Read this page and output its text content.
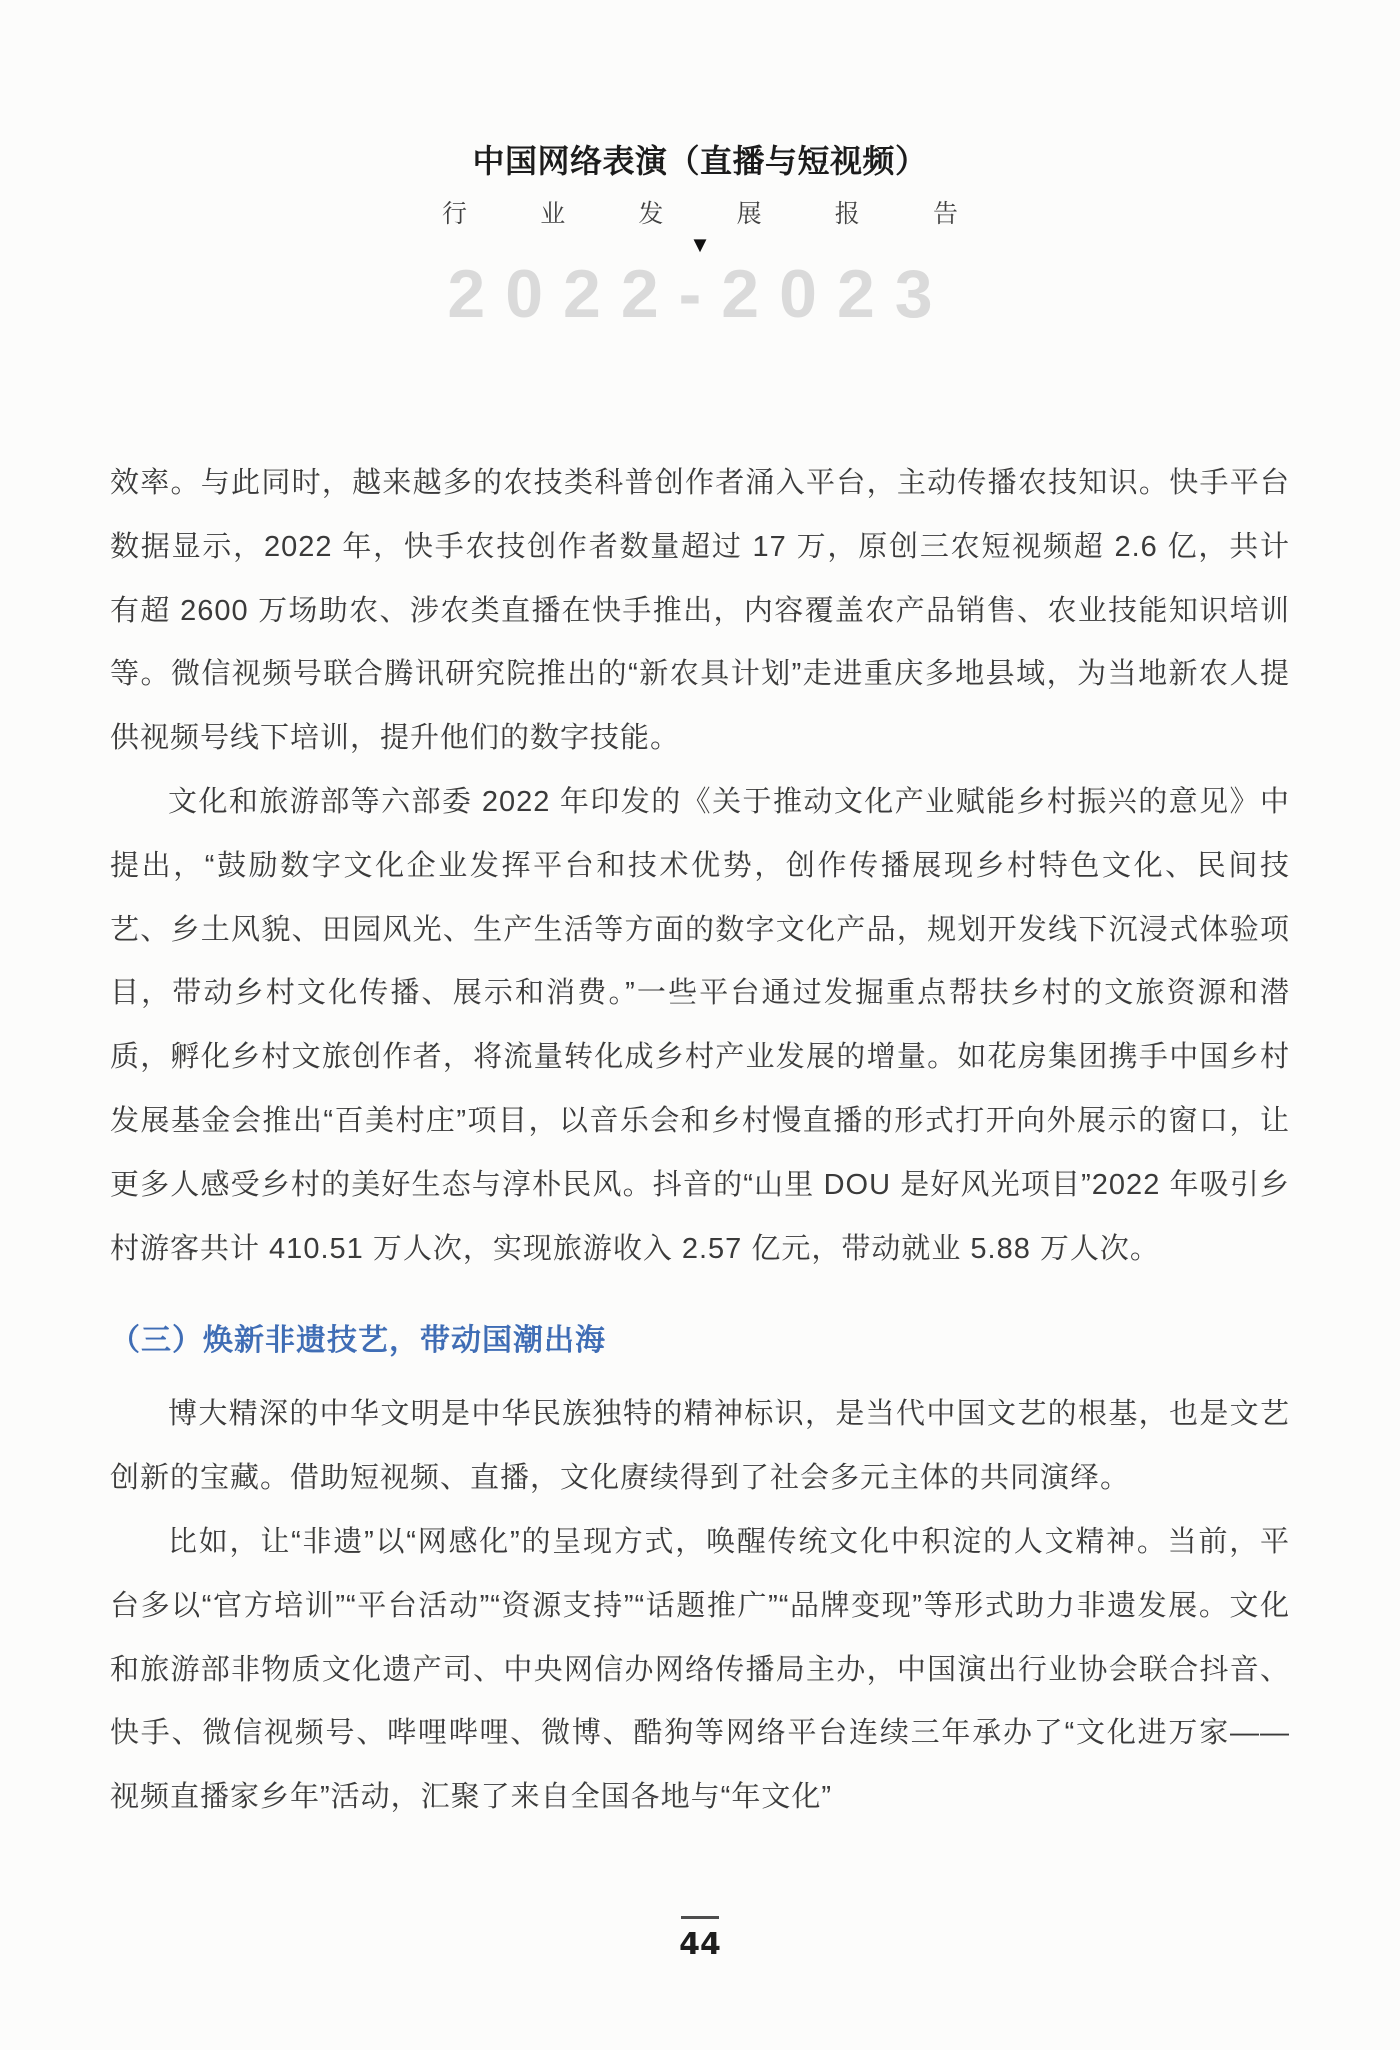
中国网络表演（直播与短视频）
行	业	发	展	报	告
▼
2022-2023

效率。与此同时，越来越多的农技类科普创作者涌入平台，主动传播农技知识。快手平台数据显示，2022 年，快手农技创作者数量超过 17 万，原创三农短视频超 2.6 亿，共计有超 2600 万场助农、涉农类直播在快手推出，内容覆盖农产品销售、农业技能知识培训等。微信视频号联合腾讯研究院推出的“新农具计划”走进重庆多地县域，为当地新农人提供视频号线下培训，提升他们的数字技能。

文化和旅游部等六部委 2022 年印发的《关于推动文化产业赋能乡村振兴的意见》中提出，“鼓励数字文化企业发挥平台和技术优势，创作传播展现乡村特色文化、民间技艺、乡土风貌、田园风光、生产生活等方面的数字文化产品，规划开发线下沉浸式体验项目，带动乡村文化传播、展示和消费。”一些平台通过发掘重点帮扶乡村的文旅资源和潜质，孵化乡村文旅创作者，将流量转化成乡村产业发展的增量。如花房集团携手中国乡村发展基金会推出“百美村庄”项目，以音乐会和乡村慢直播的形式打开向外展示的窗口，让更多人感受乡村的美好生态与淳朴民风。抖音的“山里 DOU 是好风光项目”2022 年吸引乡村游客共计 410.51 万人次，实现旅游收入 2.57 亿元，带动就业 5.88 万人次。

（三）焕新非遗技艺，带动国潮出海

博大精深的中华文明是中华民族独特的精神标识，是当代中国文艺的根基，也是文艺创新的宝藏。借助短视频、直播，文化赓续得到了社会多元主体的共同演绎。

比如，让“非遗”以“网感化”的呈现方式，唤醒传统文化中积淀的人文精神。当前，平台多以“官方培训”“平台活动”“资源支持”“话题推广”“品牌变现”等形式助力非遗发展。文化和旅游部非物质文化遗产司、中央网信办网络传播局主办，中国演出行业协会联合抖音、快手、微信视频号、哔哩哔哩、微博、酷狗等网络平台连续三年承办了“文化进万家——视频直播家乡年”活动，汇聚了来自全国各地与“年文化”

44
